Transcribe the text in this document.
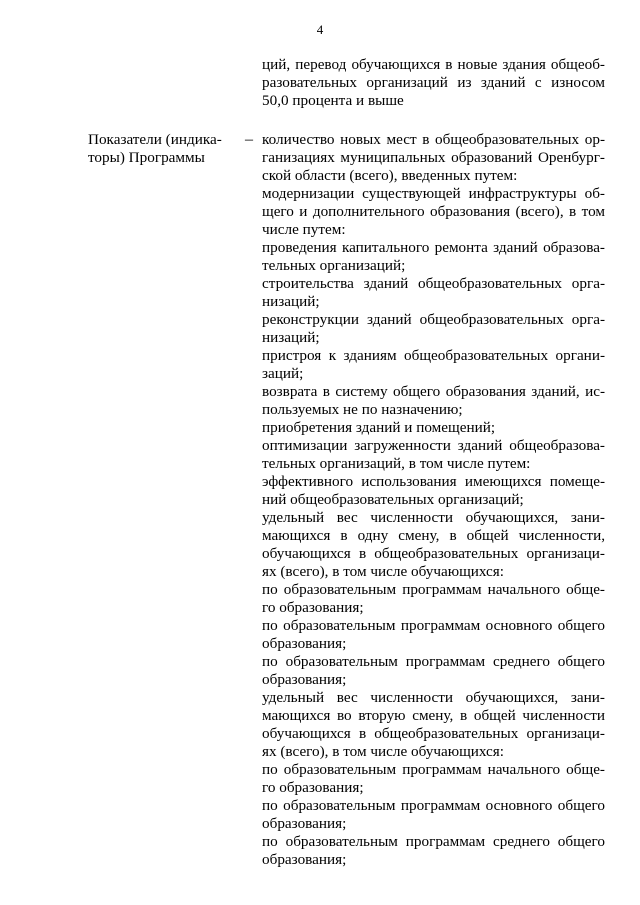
4
ций, перевод обучающихся в новые здания общеоб-
разовательных организаций из зданий с износом
50,0 процента и выше
Показатели (индика-
торы) Программы
– количество новых мест в общеобразовательных ор-
ганизациях муниципальных образований Оренбург-
ской области (всего), введенных путем:
модернизации существующей инфраструктуры об-
щего и дополнительного образования (всего), в том
числе путем:
проведения капитального ремонта зданий образова-
тельных организаций;
строительства зданий общеобразовательных орга-
низаций;
реконструкции зданий общеобразовательных орга-
низаций;
пристроя к зданиям общеобразовательных органи-
заций;
возврата в систему общего образования зданий, ис-
пользуемых не по назначению;
приобретения зданий и помещений;
оптимизации загруженности зданий общеобразова-
тельных организаций, в том числе путем:
эффективного использования имеющихся помеще-
ний общеобразовательных организаций;
удельный вес численности обучающихся, зани-
мающихся в одну смену, в общей численности,
обучающихся в общеобразовательных организаци-
ях (всего), в том числе обучающихся:
по образовательным программам начального обще-
го образования;
по образовательным программам основного общего
образования;
по образовательным программам среднего общего
образования;
удельный вес численности обучающихся, зани-
мающихся во вторую смену, в общей численности
обучающихся в общеобразовательных организаци-
ях (всего), в том числе обучающихся:
по образовательным программам начального обще-
го образования;
по образовательным программам основного общего
образования;
по образовательным программам среднего общего
образования;
